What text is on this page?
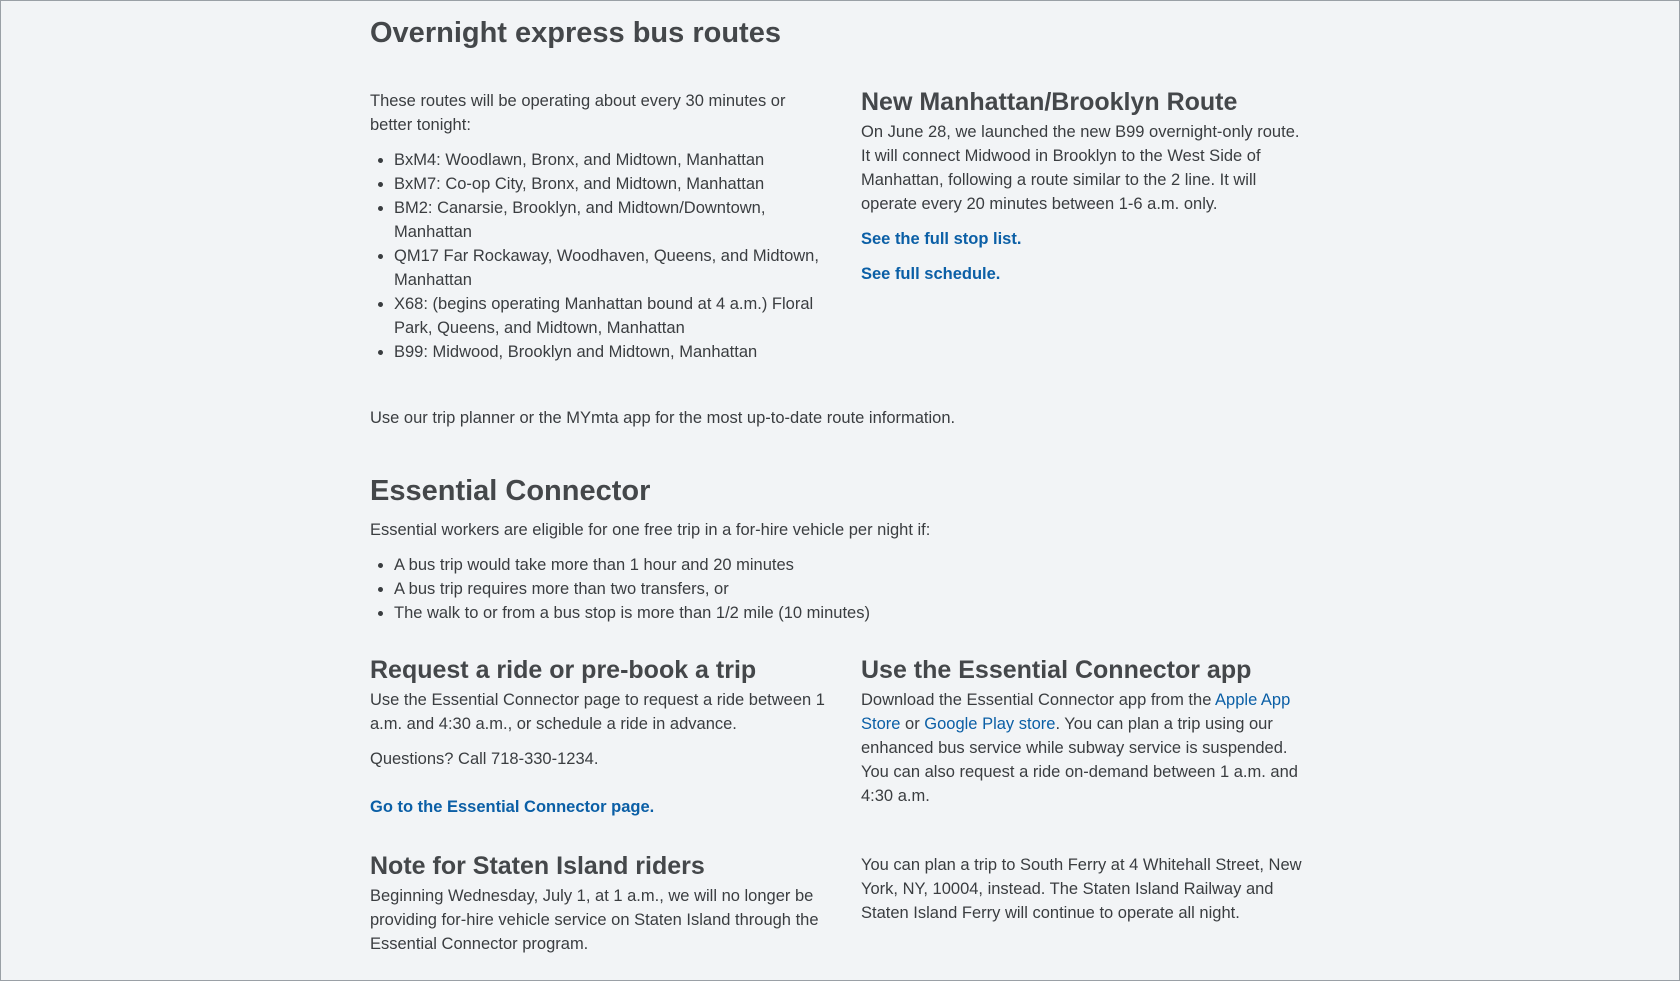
Overnight express bus routes

These routes will be operating about every 30 minutes or better tonight:

• BxM4: Woodlawn, Bronx, and Midtown, Manhattan
• BxM7: Co-op City, Bronx, and Midtown, Manhattan
• BM2: Canarsie, Brooklyn, and Midtown/Downtown, Manhattan
• QM17 Far Rockaway, Woodhaven, Queens, and Midtown, Manhattan
• X68: (begins operating Manhattan bound at 4 a.m.) Floral Park, Queens, and Midtown, Manhattan
• B99: Midwood, Brooklyn and Midtown, Manhattan
New Manhattan/Brooklyn Route

On June 28, we launched the new B99 overnight-only route. It will connect Midwood in Brooklyn to the West Side of Manhattan, following a route similar to the 2 line. It will operate every 20 minutes between 1-6 a.m. only.

See the full stop list.

See full schedule.

Use our trip planner or the MYmta app for the most up-to-date route information.

Essential Connector

Essential workers are eligible for one free trip in a for-hire vehicle per night if:

• A bus trip would take more than 1 hour and 20 minutes
• A bus trip requires more than two transfers, or
• The walk to or from a bus stop is more than 1/2 mile (10 minutes)
Request a ride or pre-book a trip

Use the Essential Connector page to request a ride between 1 a.m. and 4:30 a.m., or schedule a ride in advance.

Questions? Call 718-330-1234.

Go to the Essential Connector page.

Use the Essential Connector app

Download the Essential Connector app from the Apple App Store or Google Play store. You can plan a trip using our enhanced bus service while subway service is suspended. You can also request a ride on-demand between 1 a.m. and 4:30 a.m.

Note for Staten Island riders

Beginning Wednesday, July 1, at 1 a.m., we will no longer be providing for-hire vehicle service on Staten Island through the Essential Connector program.

You can plan a trip to South Ferry at 4 Whitehall Street, New York, NY, 10004, instead. The Staten Island Railway and Staten Island Ferry will continue to operate all night.
